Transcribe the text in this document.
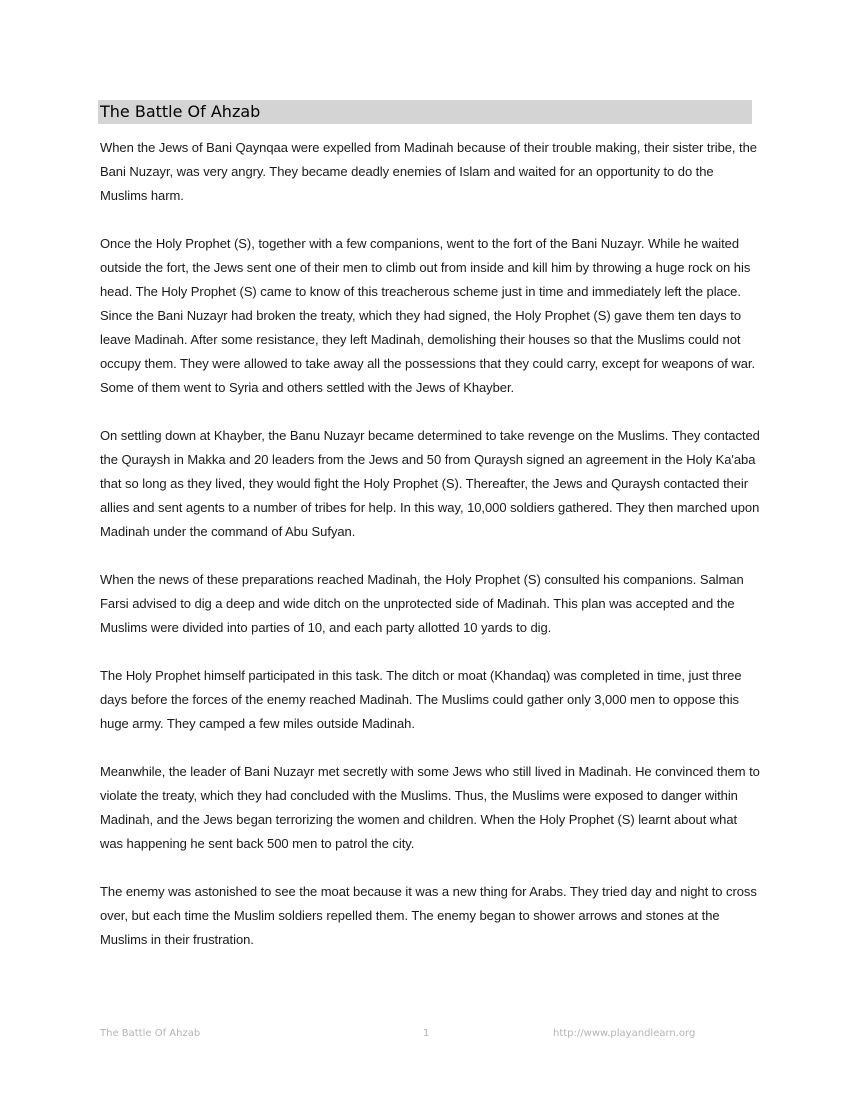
The Battle Of Ahzab

When the Jews of Bani Qaynqaa were expelled from Madinah because of their trouble making, their sister tribe, the Bani Nuzayr, was very angry. They became deadly enemies of Islam and waited for an opportunity to do the Muslims harm.

Once the Holy Prophet (S), together with a few companions, went to the fort of the Bani Nuzayr. While he waited outside the fort, the Jews sent one of their men to climb out from inside and kill him by throwing a huge rock on his head. The Holy Prophet (S) came to know of this treacherous scheme just in time and immediately left the place. Since the Bani Nuzayr had broken the treaty, which they had signed, the Holy Prophet (S) gave them ten days to leave Madinah. After some resistance, they left Madinah, demolishing their houses so that the Muslims could not occupy them. They were allowed to take away all the possessions that they could carry, except for weapons of war. Some of them went to Syria and others settled with the Jews of Khayber.

On settling down at Khayber, the Banu Nuzayr became determined to take revenge on the Muslims. They contacted the Quraysh in Makka and 20 leaders from the Jews and 50 from Quraysh signed an agreement in the Holy Ka'aba that so long as they lived, they would fight the Holy Prophet (S). Thereafter, the Jews and Quraysh contacted their allies and sent agents to a number of tribes for help. In this way, 10,000 soldiers gathered. They then marched upon Madinah under the command of Abu Sufyan.

When the news of these preparations reached Madinah, the Holy Prophet (S) consulted his companions. Salman Farsi advised to dig a deep and wide ditch on the unprotected side of Madinah. This plan was accepted and the Muslims were divided into parties of 10, and each party allotted 10 yards to dig.

The Holy Prophet himself participated in this task. The ditch or moat (Khandaq) was completed in time, just three days before the forces of the enemy reached Madinah. The Muslims could gather only 3,000 men to oppose this huge army. They camped a few miles outside Madinah.

Meanwhile, the leader of Bani Nuzayr met secretly with some Jews who still lived in Madinah. He convinced them to violate the treaty, which they had concluded with the Muslims. Thus, the Muslims were exposed to danger within Madinah, and the Jews began terrorizing the women and children. When the Holy Prophet (S) learnt about what was happening he sent back 500 men to patrol the city.

The enemy was astonished to see the moat because it was a new thing for Arabs. They tried day and night to cross over, but each time the Muslim soldiers repelled them. The enemy began to shower arrows and stones at the Muslims in their frustration.

The Battle Of Ahzab	1	http://www.playandlearn.org
